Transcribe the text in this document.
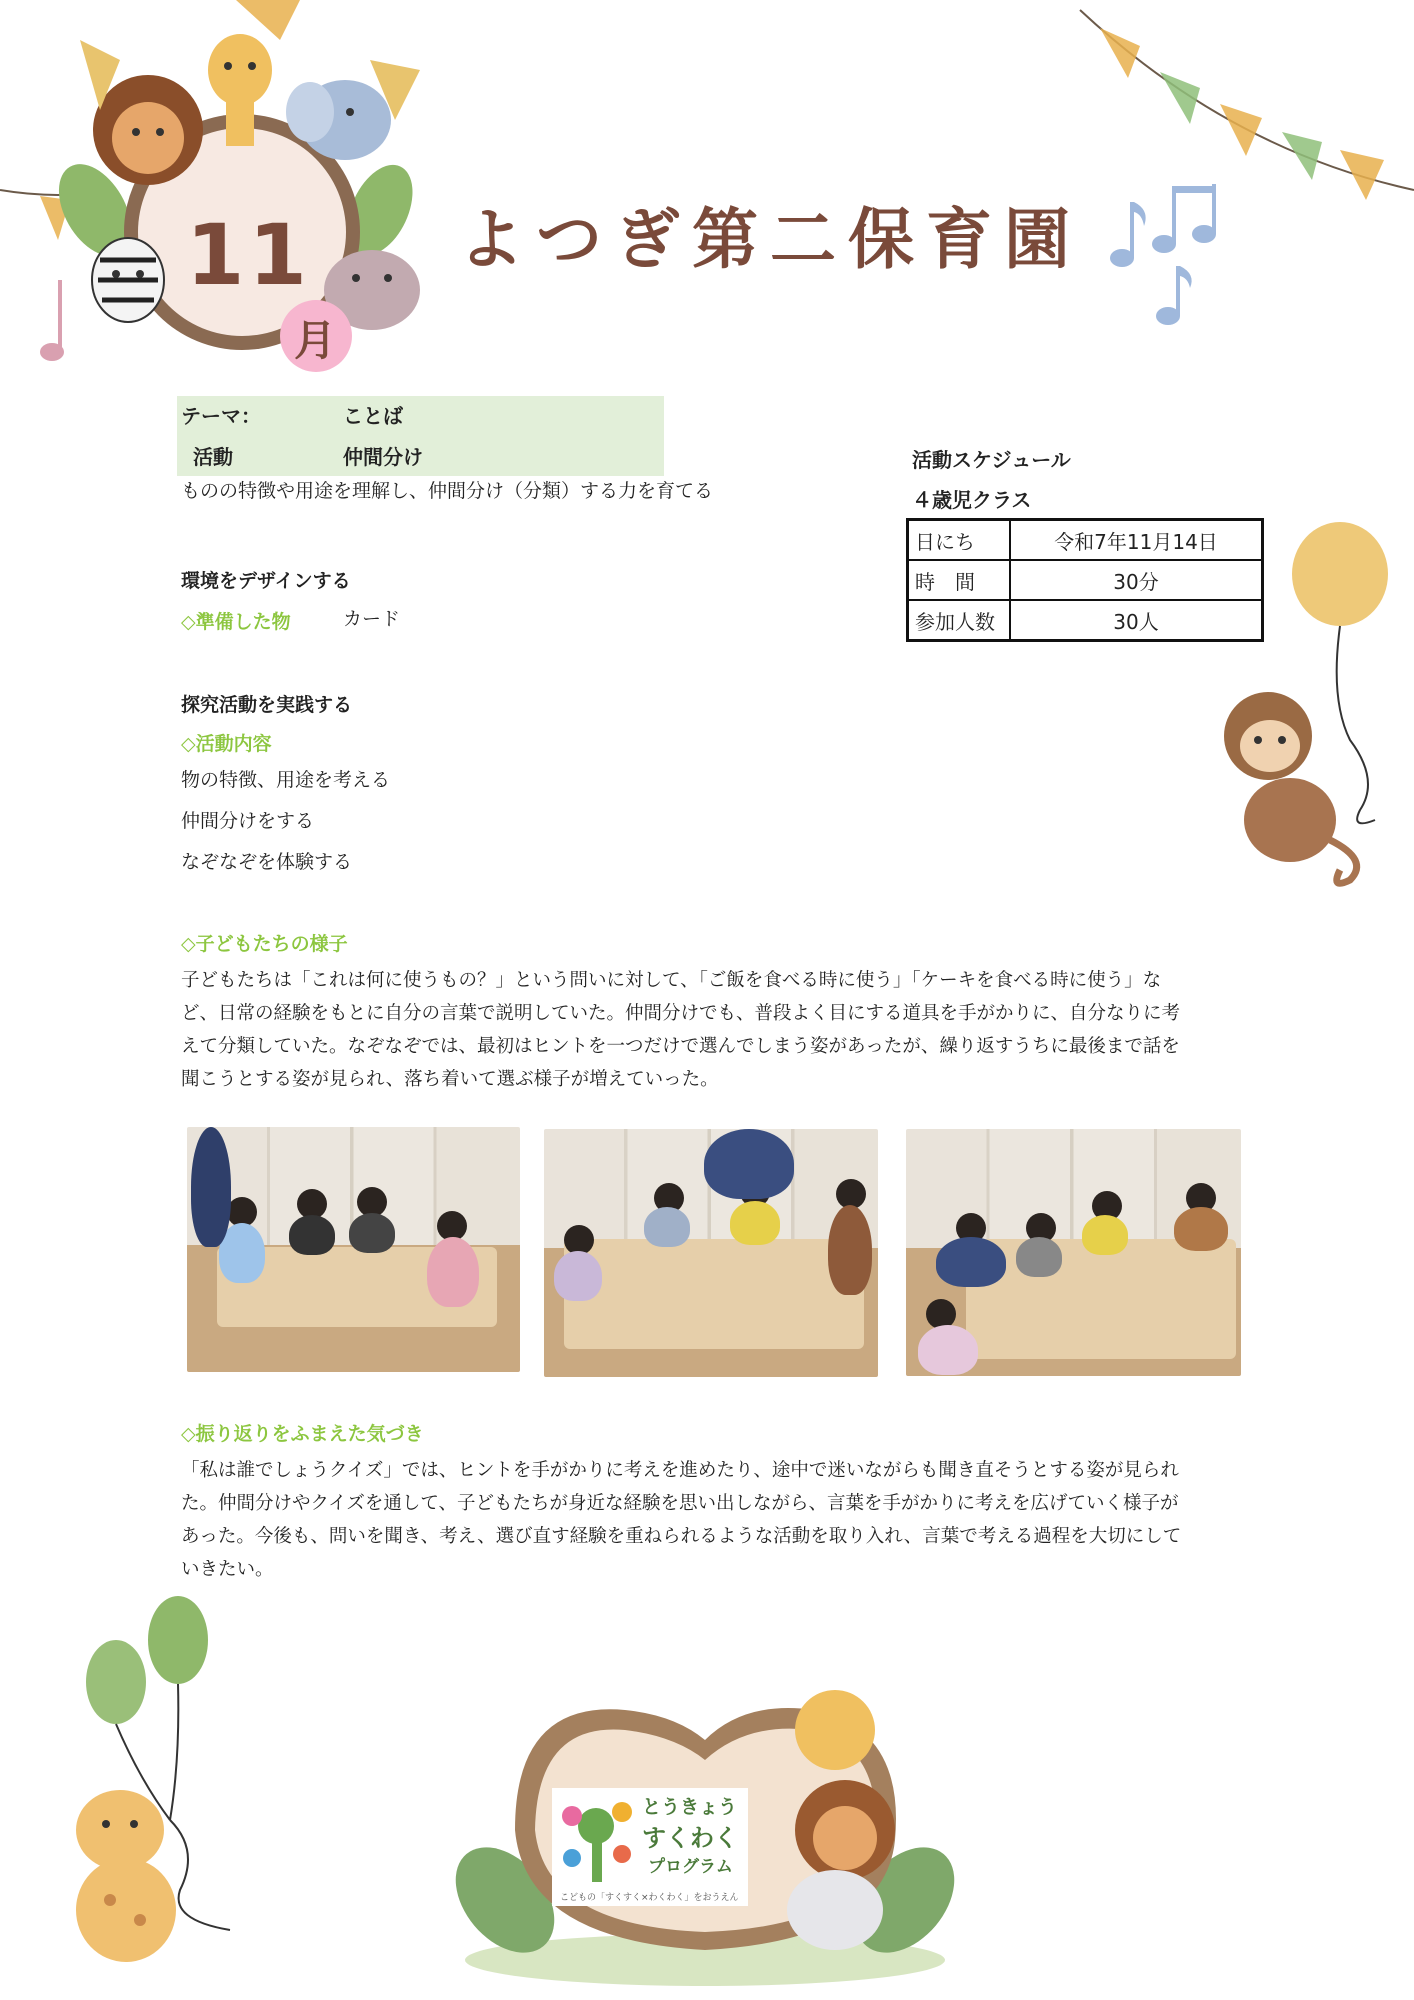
11
月
よつぎ第二保育園
テーマ：	ことば
活動	仲間分け
ものの特徴や用途を理解し、仲間分け（分類）する力を育てる
活動スケジュール
４歳児クラス
日にち	令和7年11月14日
時　間	30分
参加人数	30人
環境をデザインする
◇準備した物	カード
探究活動を実践する
◇活動内容
物の特徴、用途を考える
仲間分けをする
なぞなぞを体験する
◇子どもたちの様子
子どもたちは「これは何に使うもの？」という問いに対して、「ご飯を食べる時に使う」「ケーキを食べる時に使う」な
ど、日常の経験をもとに自分の言葉で説明していた。仲間分けでも、普段よく目にする道具を手がかりに、自分なりに考
えて分類していた。なぞなぞでは、最初はヒントを一つだけで選んでしまう姿があったが、繰り返すうちに最後まで話を
聞こうとする姿が見られ、落ち着いて選ぶ様子が増えていった。
◇振り返りをふまえた気づき
「私は誰でしょうクイズ」では、ヒントを手がかりに考えを進めたり、途中で迷いながらも聞き直そうとする姿が見られ
た。仲間分けやクイズを通して、子どもたちが身近な経験を思い出しながら、言葉を手がかりに考えを広げていく様子が
あった。今後も、問いを聞き、考え、選び直す経験を重ねられるような活動を取り入れ、言葉で考える過程を大切にして
いきたい。
とうきょう
すくわく
プログラム
こどもの「すくすく×わくわく」をおうえん
